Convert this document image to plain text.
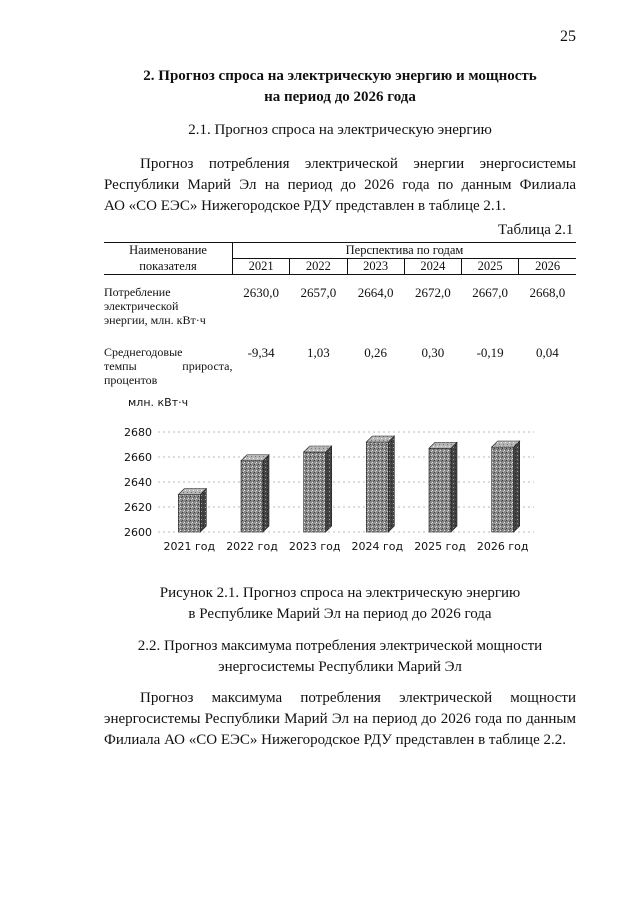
25
2. Прогноз спроса на электрическую энергию и мощность
на период до 2026 года
2.1. Прогноз спроса на электрическую энергию
Прогноз потребления электрической энергии энергосистемы
Республики Марий Эл на период до 2026 года по данным Филиала
АО «СО ЕЭС» Нижегородское РДУ представлен в таблице 2.1.
Таблица 2.1
Наименование	Перспектива по годам					
показателя	2021	2022	2023	2024	2025	2026

Потребление
электрической
энергии, млн. кВт·ч	2630,0	2657,0	2664,0	2672,0	2667,0	2668,0

Среднегодовые
темпы прироста,
процентов	-9,34	1,03	0,26	0,30	-0,19	0,04
млн. кВт·ч
2600
2620
2640
2660
2680
2021 год 2022 год 2023 год 2024 год 2025 год 2026 год
Рисунок 2.1. Прогноз спроса на электрическую энергию
в Республике Марий Эл на период до 2026 года
2.2. Прогноз максимума потребления электрической мощности
энергосистемы Республики Марий Эл
Прогноз максимума потребления электрической мощности
энергосистемы Республики Марий Эл на период до 2026 года по данным
Филиала АО «СО ЕЭС» Нижегородское РДУ представлен в таблице 2.2.
